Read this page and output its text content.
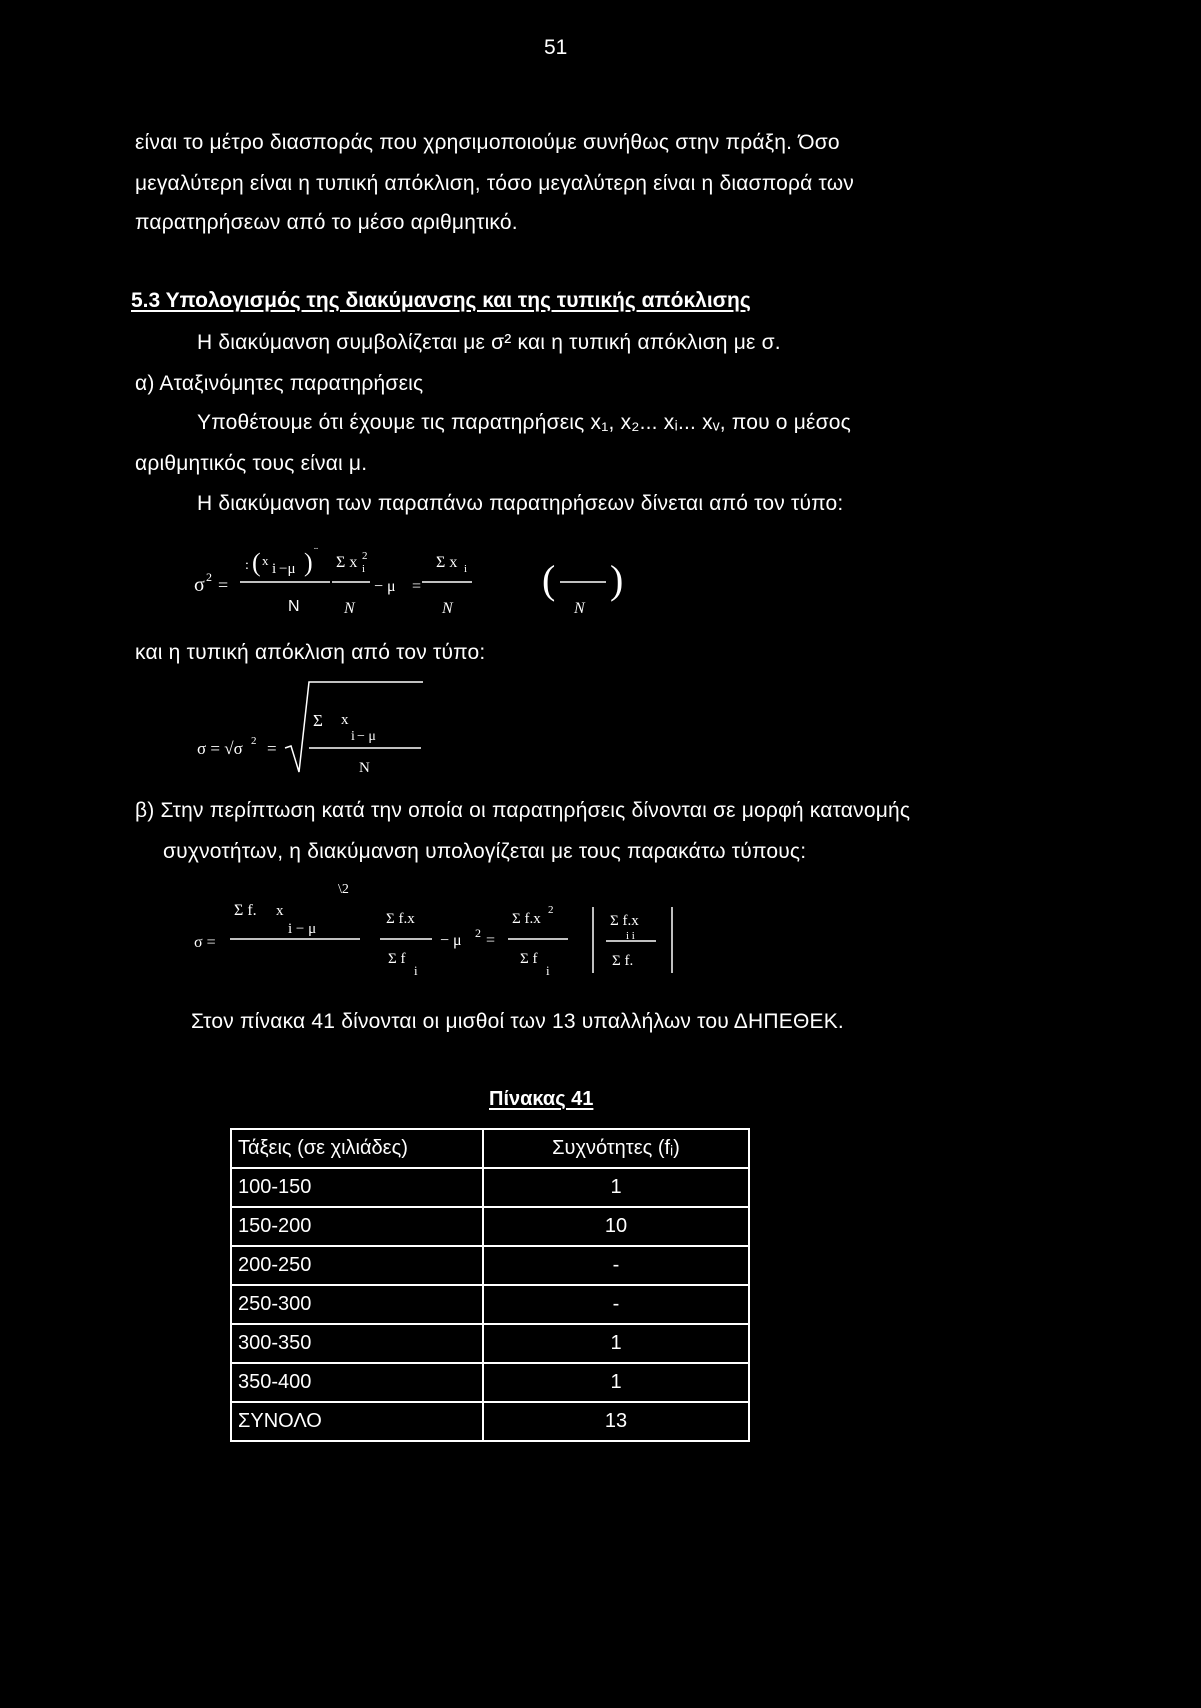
51
είναι το μέτρο διασποράς που χρησιμοποιούμε συνήθως στην πράξη. Όσο
μεγαλύτερη είναι η τυπική απόκλιση, τόσο μεγαλύτερη είναι η διασπορά των
παρατηρήσεων από το μέσο αριθμητικό.
5.3 Υπολογισμός της διακύμανσης και της τυπικής απόκλισης
Η διακύμανση συμβολίζεται με σ² και η τυπική απόκλιση με σ.
α) Αταξινόμητες παρατηρήσεις
Υποθέτουμε ότι έχουμε τις παρατηρήσεις x₁, x₂... xᵢ... xᵥ, που ο μέσος
αριθμητικός τους είναι μ.
Η διακύμανση των παραπάνω παρατηρήσεων δίνεται από τον τύπο:
σ 2 =
(
: x
i −μ ) ¨
N
Σ x 2
i
N
− μ =
Σ x i
N
(
N
)
και η τυπική απόκλιση από τον τύπο:
σ = √σ 2 =
Σ x
i − μ
N
β) Στην περίπτωση κατά την οποία οι παρατηρήσεις δίνονται σε μορφή κατανομής
συχνοτήτων, η διακύμανση υπολογίζεται με τους παρακάτω τύπους:
σ =
\2
Σ f. x
i − μ
Σ f.x
Σ f
i
− μ 2 =
Σ f.x
2
Σ f
i
Σ f.x
i i
Σ f.
Στον πίνακα 41 δίνονται οι μισθοί των 13 υπαλλήλων του ΔΗΠΕΘΕΚ.
Πίνακας 41
Τάξεις (σε χιλιάδες)	Συχνότητες (fᵢ)
100-150	1
150-200	10
200-250	-
250-300	-
300-350	1
350-400	1
ΣΥΝΟΛΟ	13
